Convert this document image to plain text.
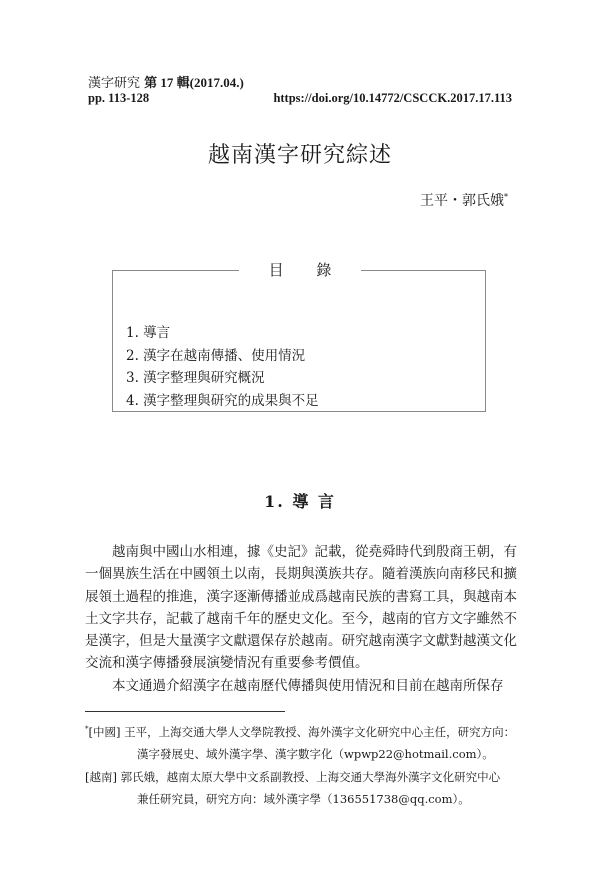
漢字研究 第 17 輯(2017.04.)
pp. 113-128	https://doi.org/10.14772/CSCCK.2017.17.113
越南漢字研究綜述
王平・郭氏娥*
目 錄
1. 導言
2. 漢字在越南傳播、使用情況
3. 漢字整理與研究概況
4. 漢字整理與研究的成果與不足
1. 導 言

越南與中國山水相連，據《史記》記載，從堯舜時代到殷商王朝，有一個異族生活在中國領土以南，長期與漢族共存。隨着漢族向南移民和擴展領土過程的推進，漢字逐漸傳播並成爲越南民族的書寫工具，與越南本土文字共存，記載了越南千年的歷史文化。至今，越南的官方文字雖然不是漢字，但是大量漢字文獻還保存於越南。研究越南漢字文獻對越漢文化交流和漢字傳播發展演變情況有重要參考價值。

本文通過介紹漢字在越南歷代傳播與使用情況和目前在越南所保存

*[中國] 王平，上海交通大學人文學院教授、海外漢字文化研究中心主任，研究方向：
漢字發展史、域外漢字學、漢字數字化（wpwp22@hotmail.com）。
[越南] 郭氏娥，越南太原大學中文系副教授、上海交通大學海外漢字文化研究中心
兼任研究員，研究方向：域外漢字學（136551738@qq.com）。
